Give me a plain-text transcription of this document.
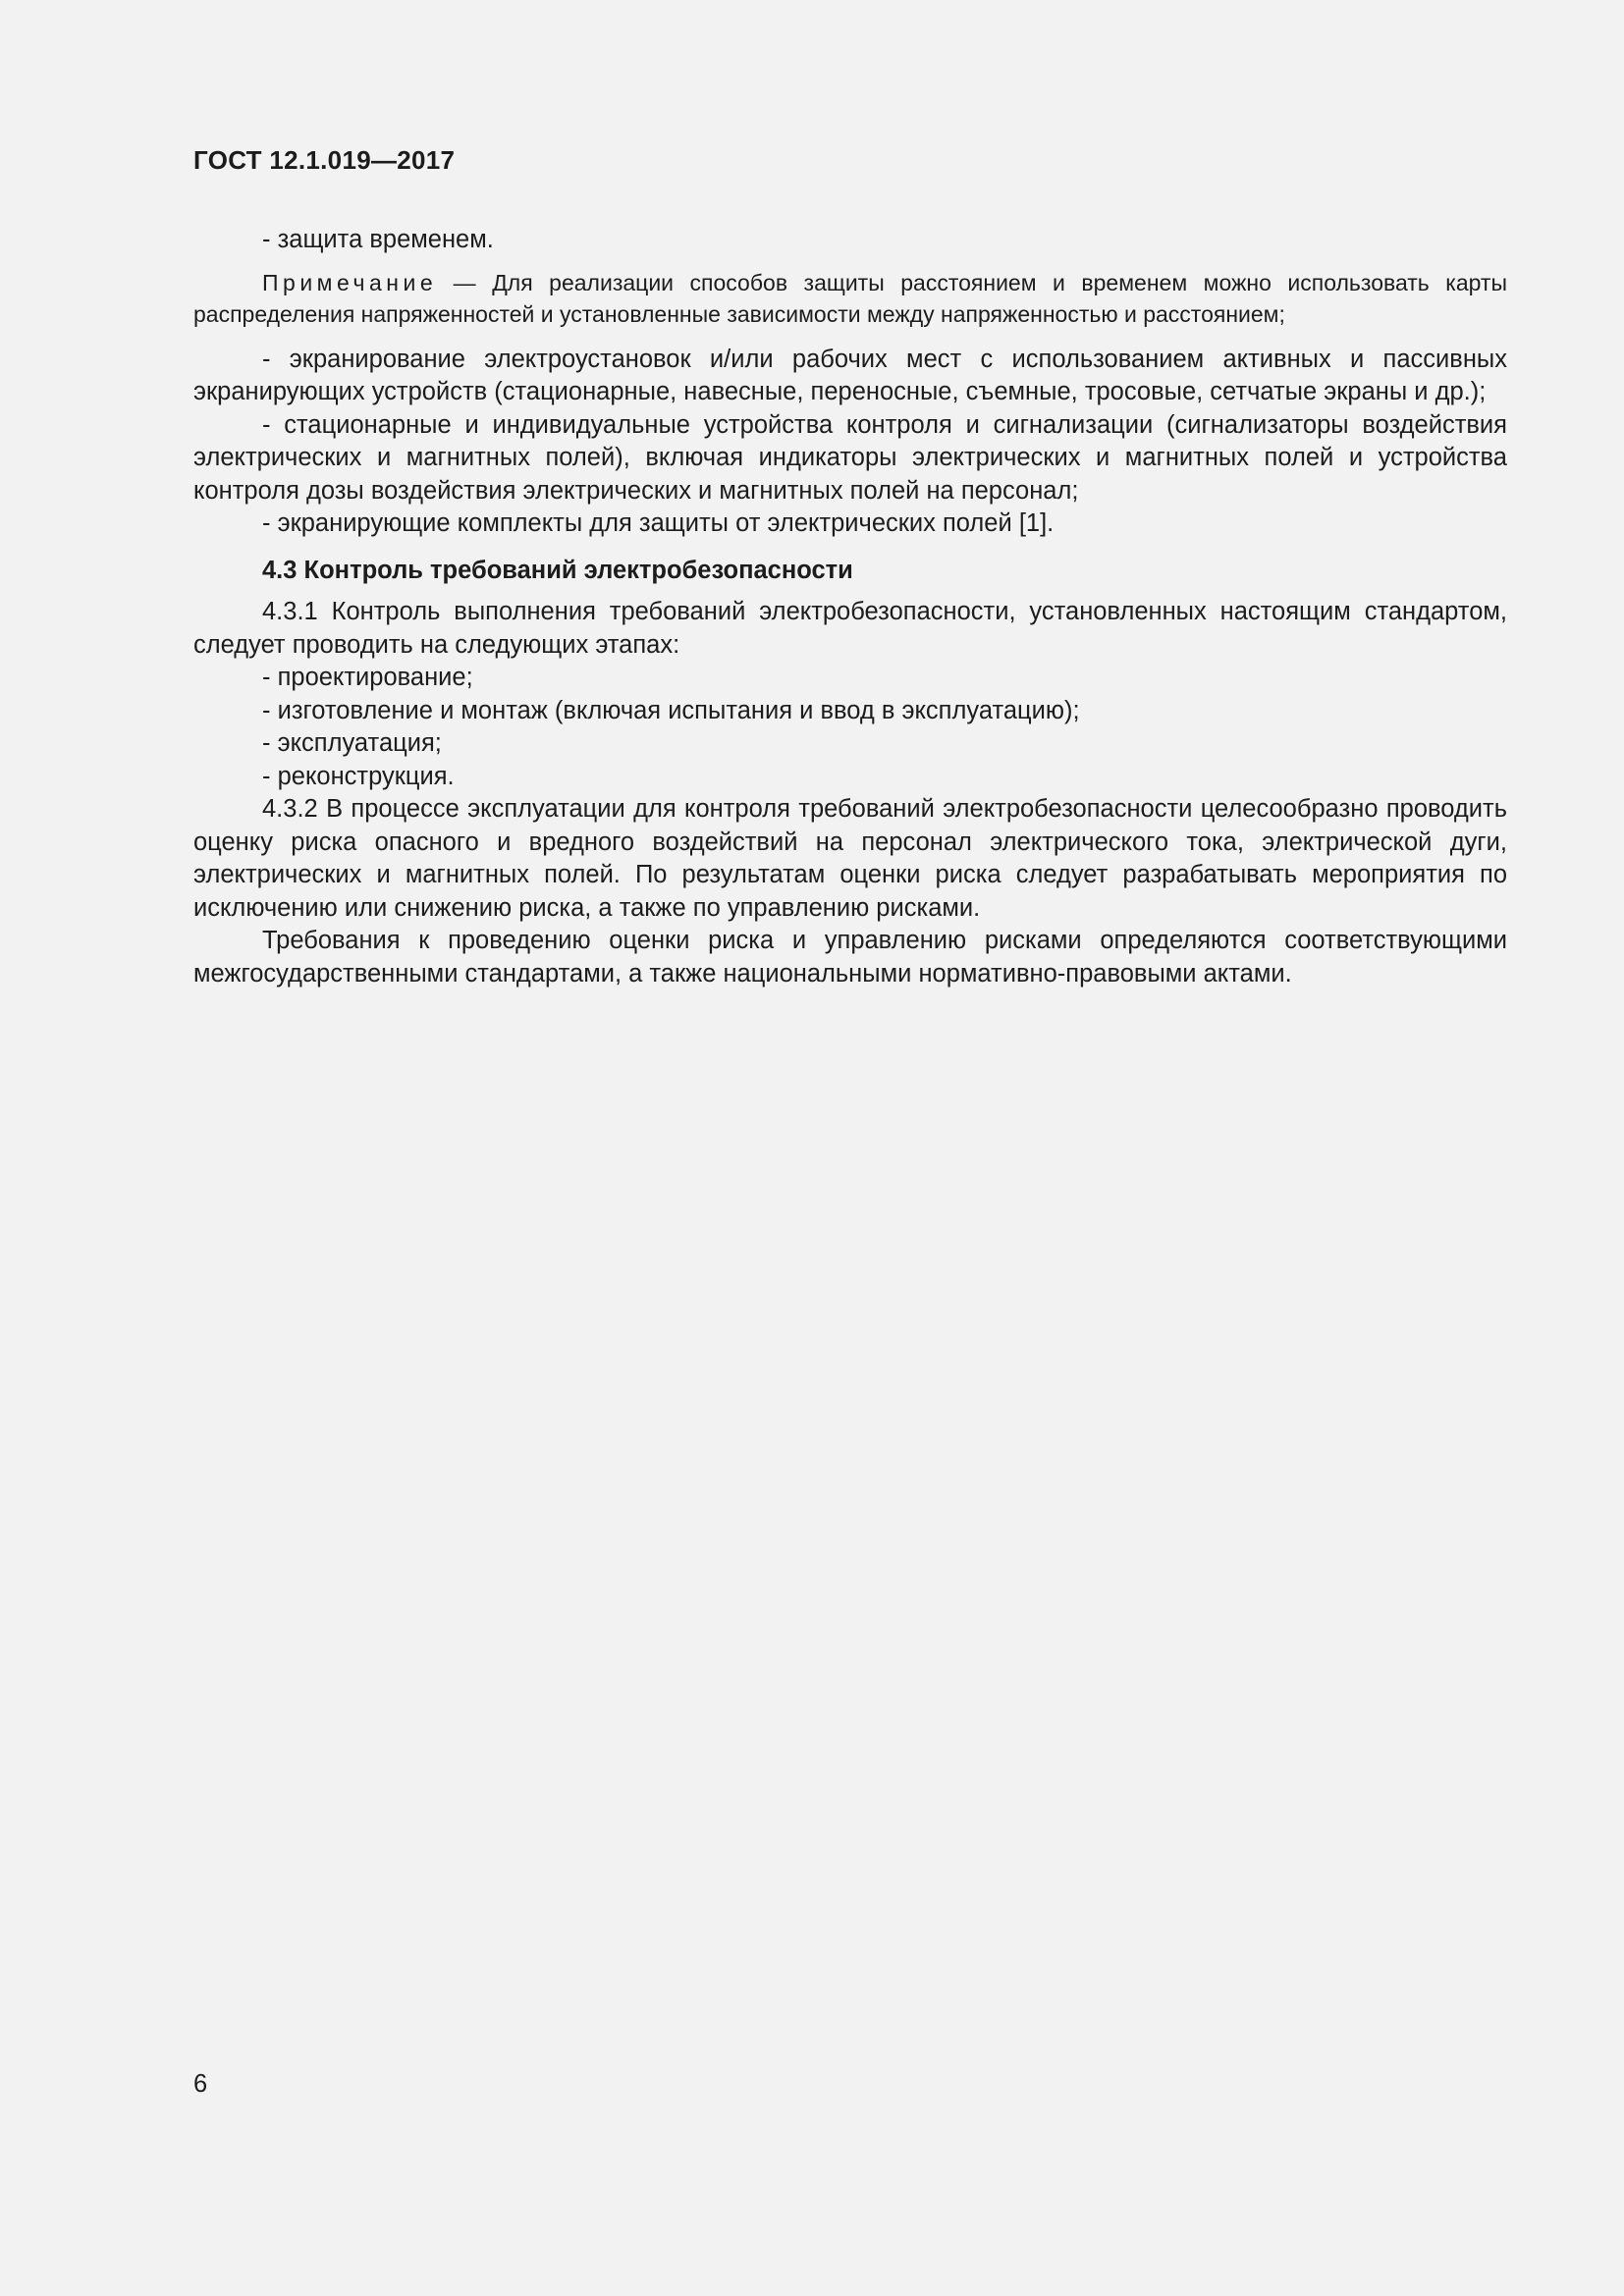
ГОСТ 12.1.019—2017

- защита временем.

Примечание — Для реализации способов защиты расстоянием и временем можно использовать карты распределения напряженностей и установленные зависимости между напряженностью и расстоянием;

- экранирование электроустановок и/или рабочих мест с использованием активных и пассивных экранирующих устройств (стационарные, навесные, переносные, съемные, тросовые, сетчатые экраны и др.);

- стационарные и индивидуальные устройства контроля и сигнализации (сигнализаторы воздействия электрических и магнитных полей), включая индикаторы электрических и магнитных полей и устройства контроля дозы воздействия электрических и магнитных полей на персонал;

- экранирующие комплекты для защиты от электрических полей [1].

4.3 Контроль требований электробезопасности

4.3.1 Контроль выполнения требований электробезопасности, установленных настоящим стандартом, следует проводить на следующих этапах:

- проектирование;

- изготовление и монтаж (включая испытания и ввод в эксплуатацию);

- эксплуатация;

- реконструкция.

4.3.2 В процессе эксплуатации для контроля требований электробезопасности целесообразно проводить оценку риска опасного и вредного воздействий на персонал электрического тока, электрической дуги, электрических и магнитных полей. По результатам оценки риска следует разрабатывать мероприятия по исключению или снижению риска, а также по управлению рисками.

Требования к проведению оценки риска и управлению рисками определяются соответствующими межгосударственными стандартами, а также национальными нормативно-правовыми актами.

6
